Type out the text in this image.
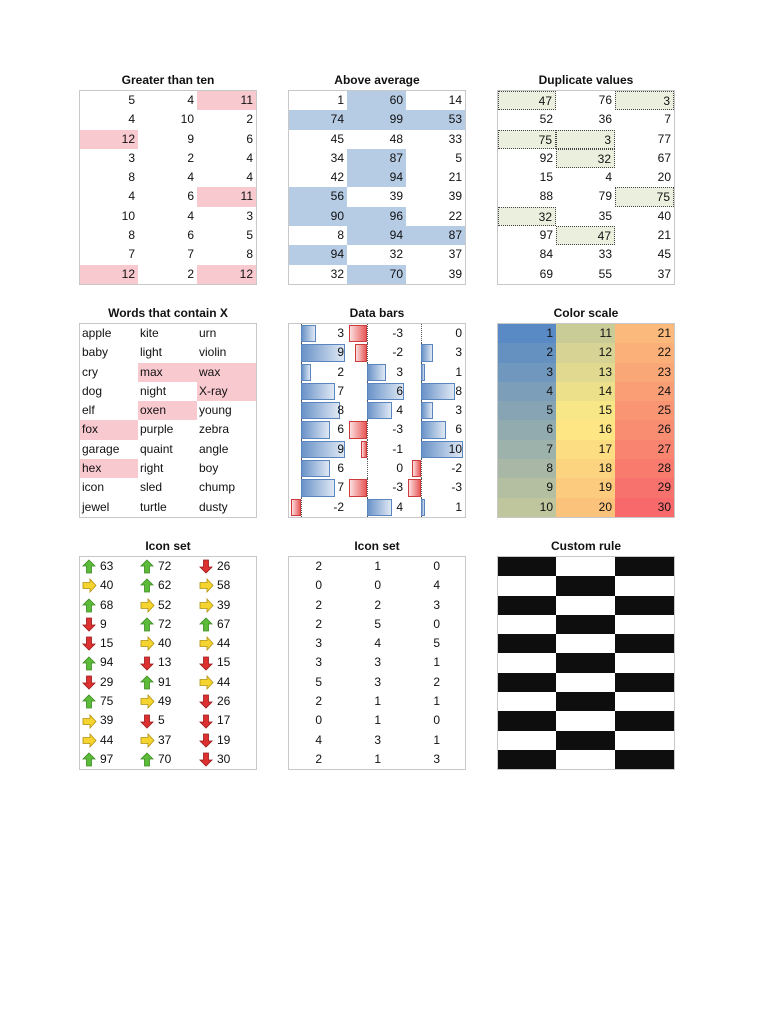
Greater than ten
5	4	11
4	10	2
12	9	6
3	2	4
8	4	4
4	6	11
10	4	3
8	6	5
7	7	8
12	2	12
Above average
1	60	14
74	99	53
45	48	33
34	87	5
42	94	21
56	39	39
90	96	22
8	94	87
94	32	37
32	70	39
Duplicate values
47	76	3
52	36	7
75	3	77
92	32	67
15	4	20
88	79	75
32	35	40
97	47	21
84	33	45
69	55	37
Words that contain X
apple	kite	urn
baby	light	violin
cry	max	wax
dog	night	X-ray
elf	oxen	young
fox	purple	zebra
garage	quaint	angle
hex	right	boy
icon	sled	chump
jewel	turtle	dusty
Data bars
3	-3	0
9	-2	3
2	3	1
7	6	8
8	4	3
6	-3	6
9	-1	10
6	0	-2
7	-3	-3
-2	4	1
Color scale
1	11	21
2	12	22
3	13	23
4	14	24
5	15	25
6	16	26
7	17	27
8	18	28
9	19	29
10	20	30
Icon set
63	72	26
40	62	58
68	52	39
9	72	67
15	40	44
94	13	15
29	91	44
75	49	26
39	5	17
44	37	19
97	70	30
Icon set
2	1	0
0	0	4
2	2	3
2	5	0
3	4	5
3	3	1
5	3	2
2	1	1
0	1	0
4	3	1
2	1	3
Custom rule
